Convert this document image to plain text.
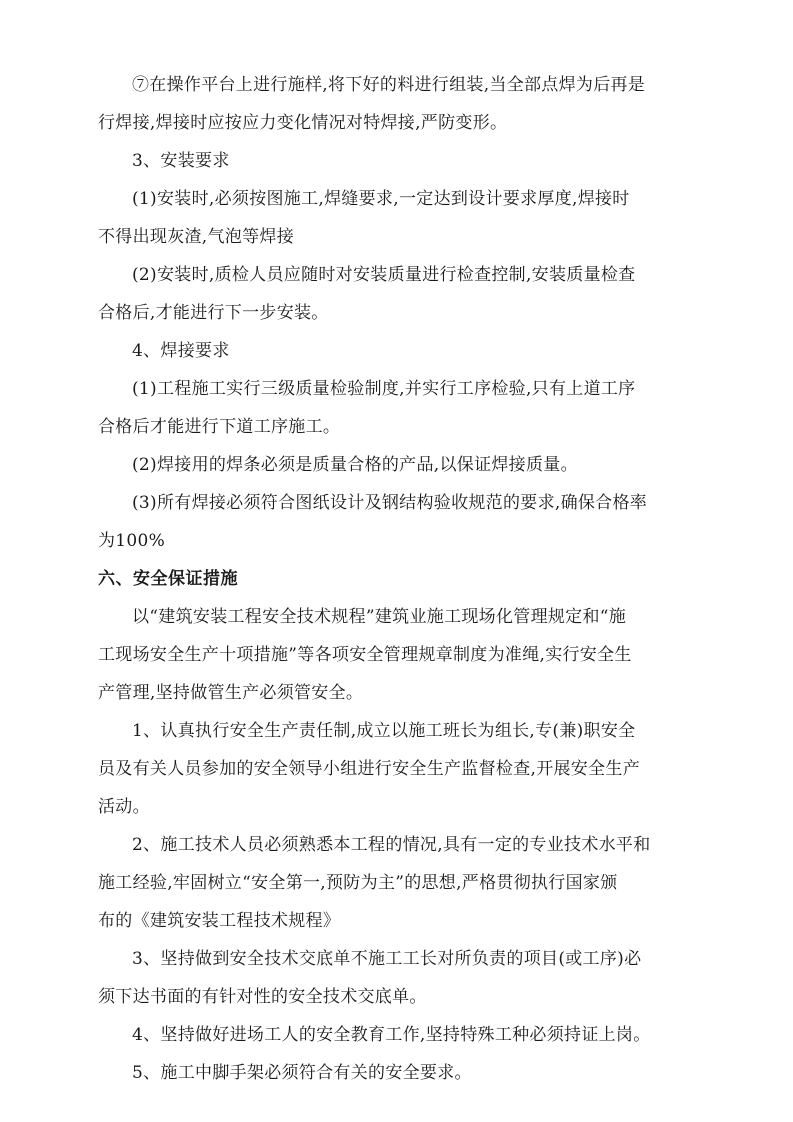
⑦在操作平台上进行施样,将下好的料进行组装,当全部点焊为后再是
行焊接,焊接时应按应力变化情况对特焊接,严防变形。
3、安装要求
(1)安装时,必须按图施工,焊缝要求,一定达到设计要求厚度,焊接时
不得出现灰渣,气泡等焊接
(2)安装时,质检人员应随时对安装质量进行检查控制,安装质量检查
合格后,才能进行下一步安装。
4、焊接要求
(1)工程施工实行三级质量检验制度,并实行工序检验,只有上道工序
合格后才能进行下道工序施工。
(2)焊接用的焊条必须是质量合格的产品,以保证焊接质量。
(3)所有焊接必须符合图纸设计及钢结构验收规范的要求,确保合格率
为100%
六、安全保证措施
以“建筑安装工程安全技术规程”建筑业施工现场化管理规定和“施
工现场安全生产十项措施”等各项安全管理规章制度为准绳,实行安全生
产管理,坚持做管生产必须管安全。
1、认真执行安全生产责任制,成立以施工班长为组长,专(兼)职安全
员及有关人员参加的安全领导小组进行安全生产监督检查,开展安全生产
活动。
2、施工技术人员必须熟悉本工程的情况,具有一定的专业技术水平和
施工经验,牢固树立“安全第一,预防为主”的思想,严格贯彻执行国家颁
布的《建筑安装工程技术规程》
3、坚持做到安全技术交底单不施工工长对所负责的项目(或工序)必
须下达书面的有针对性的安全技术交底单。
4、坚持做好进场工人的安全教育工作,坚持特殊工种必须持证上岗。
5、施工中脚手架必须符合有关的安全要求。
